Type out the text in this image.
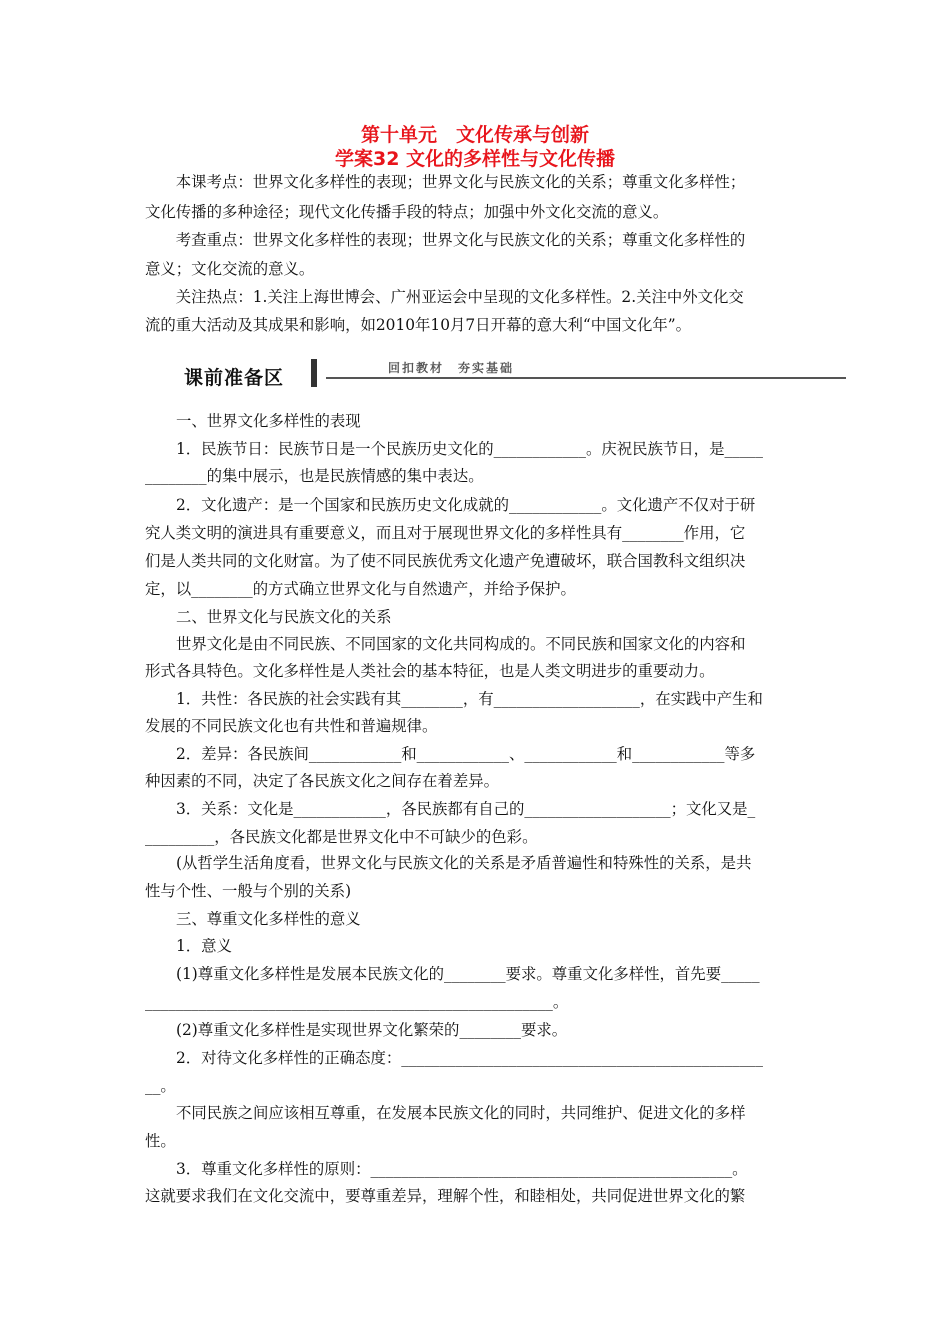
第十单元　文化传承与创新
学案32 文化的多样性与文化传播
　　本课考点：世界文化多样性的表现；世界文化与民族文化的关系；尊重文化多样性；
文化传播的多种途径；现代文化传播手段的特点；加强中外文化交流的意义。
　　考查重点：世界文化多样性的表现；世界文化与民族文化的关系；尊重文化多样性的
意义；文化交流的意义。
　　关注热点：1.关注上海世博会、广州亚运会中呈现的文化多样性。2.关注中外文化交
流的重大活动及其成果和影响，如2010年10月7日开幕的意大利“中国文化年”。
课前准备区	回扣教材　夯实基础
一、世界文化多样性的表现
1．民族节日：民族节日是一个民族历史文化的____________。庆祝民族节日，是_____
________的集中展示，也是民族情感的集中表达。
2．文化遗产：是一个国家和民族历史文化成就的____________。文化遗产不仅对于研
究人类文明的演进具有重要意义，而且对于展现世界文化的多样性具有________作用，它
们是人类共同的文化财富。为了使不同民族优秀文化遗产免遭破坏，联合国教科文组织决
定，以________的方式确立世界文化与自然遗产，并给予保护。
二、世界文化与民族文化的关系
世界文化是由不同民族、不同国家的文化共同构成的。不同民族和国家文化的内容和
形式各具特色。文化多样性是人类社会的基本特征，也是人类文明进步的重要动力。
1．共性：各民族的社会实践有其________，有___________________，在实践中产生和
发展的不同民族文化也有共性和普遍规律。
2．差异：各民族间____________和____________、____________和____________等多
种因素的不同，决定了各民族文化之间存在着差异。
3．关系：文化是____________，各民族都有自己的___________________；文化又是_
_________，各民族文化都是世界文化中不可缺少的色彩。
(从哲学生活角度看，世界文化与民族文化的关系是矛盾普遍性和特殊性的关系，是共
性与个性、一般与个别的关系)
三、尊重文化多样性的意义
1．意义
(1)尊重文化多样性是发展本民族文化的________要求。尊重文化多样性，首先要_____
_____________________________________________________。
(2)尊重文化多样性是实现世界文化繁荣的________要求。
2．对待文化多样性的正确态度：_______________________________________________
__。
不同民族之间应该相互尊重，在发展本民族文化的同时，共同维护、促进文化的多样
性。
3．尊重文化多样性的原则：_______________________________________________。
这就要求我们在文化交流中，要尊重差异，理解个性，和睦相处，共同促进世界文化的繁
